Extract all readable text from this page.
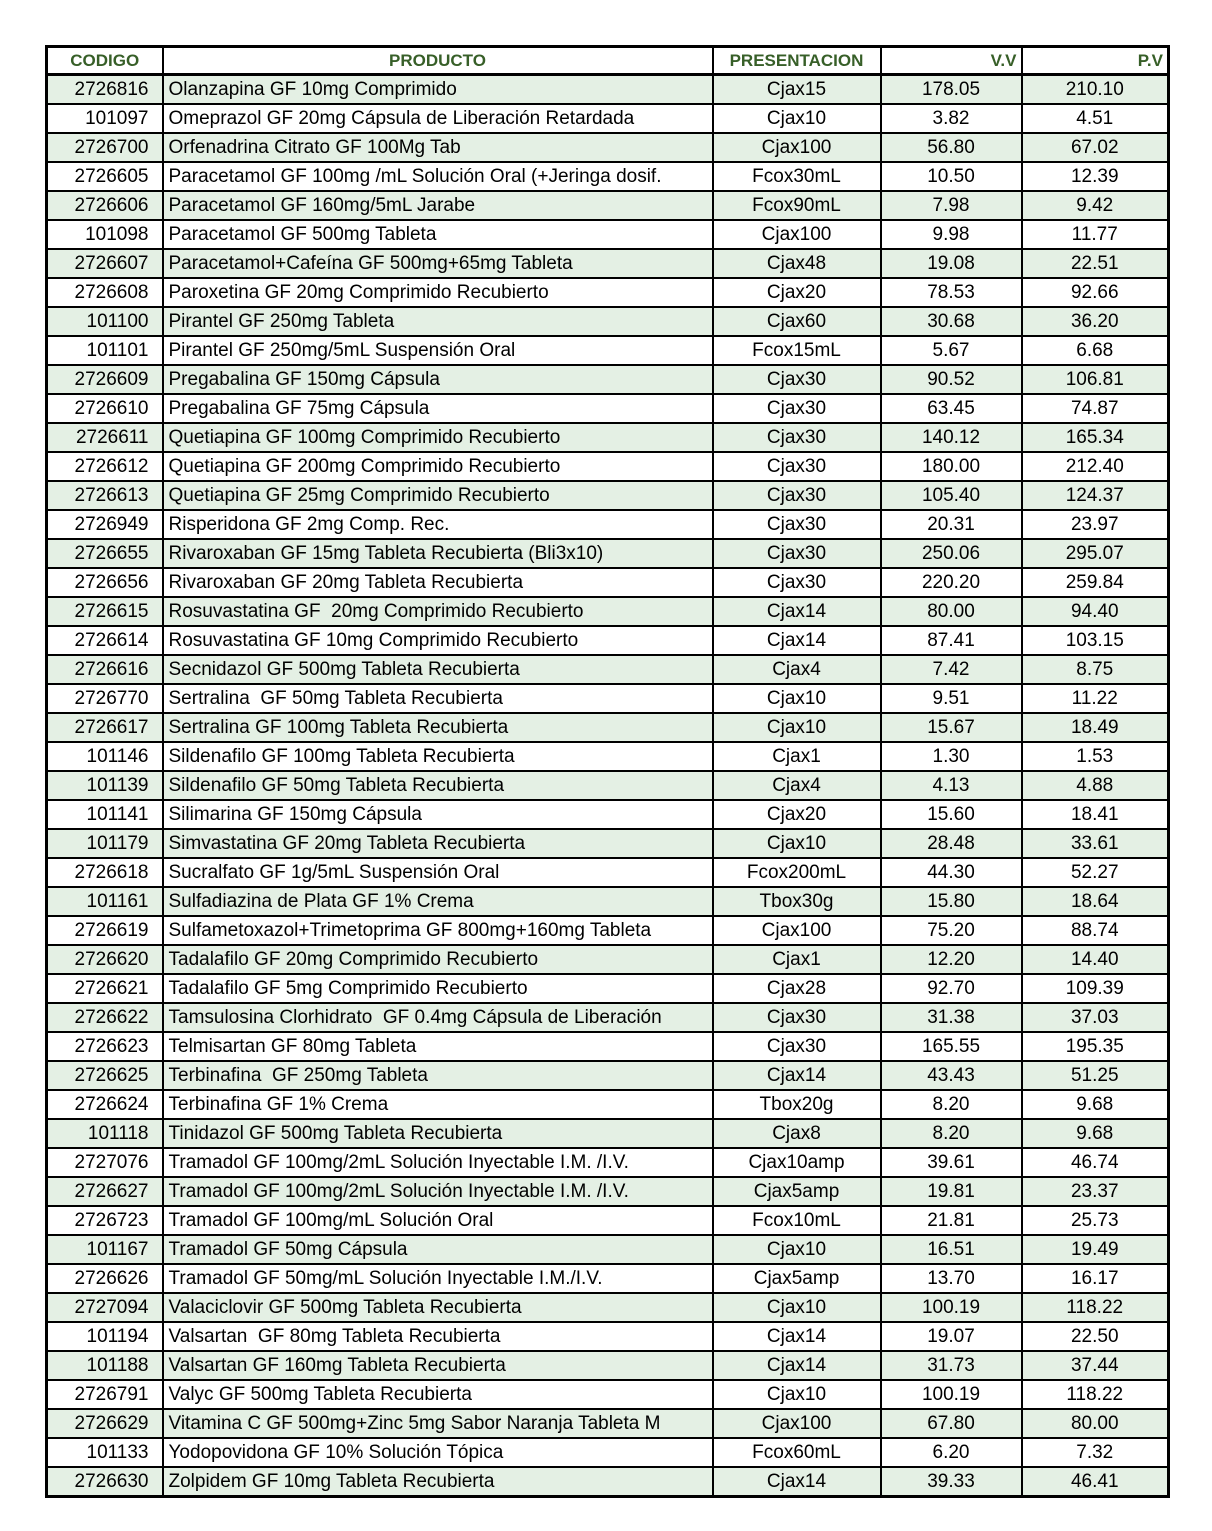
CODIGO	PRODUCTO	PRESENTACION	V.V	P.V
2726816	Olanzapina GF 10mg Comprimido	Cjax15	178.05	210.10
101097	Omeprazol GF 20mg Cápsula de Liberación Retardada	Cjax10	3.82	4.51
2726700	Orfenadrina Citrato GF 100Mg Tab	Cjax100	56.80	67.02
2726605	Paracetamol GF 100mg /mL Solución Oral (+Jeringa dosif.	Fcox30mL	10.50	12.39
2726606	Paracetamol GF 160mg/5mL Jarabe	Fcox90mL	7.98	9.42
101098	Paracetamol GF 500mg Tableta	Cjax100	9.98	11.77
2726607	Paracetamol+Cafeína GF 500mg+65mg Tableta	Cjax48	19.08	22.51
2726608	Paroxetina GF 20mg Comprimido Recubierto	Cjax20	78.53	92.66
101100	Pirantel GF 250mg Tableta	Cjax60	30.68	36.20
101101	Pirantel GF 250mg/5mL Suspensión Oral	Fcox15mL	5.67	6.68
2726609	Pregabalina GF 150mg Cápsula	Cjax30	90.52	106.81
2726610	Pregabalina GF 75mg Cápsula	Cjax30	63.45	74.87
2726611	Quetiapina GF 100mg Comprimido Recubierto	Cjax30	140.12	165.34
2726612	Quetiapina GF 200mg Comprimido Recubierto	Cjax30	180.00	212.40
2726613	Quetiapina GF 25mg Comprimido Recubierto	Cjax30	105.40	124.37
2726949	Risperidona GF 2mg Comp. Rec.	Cjax30	20.31	23.97
2726655	Rivaroxaban GF 15mg Tableta Recubierta (Bli3x10)	Cjax30	250.06	295.07
2726656	Rivaroxaban GF 20mg Tableta Recubierta	Cjax30	220.20	259.84
2726615	Rosuvastatina GF  20mg Comprimido Recubierto	Cjax14	80.00	94.40
2726614	Rosuvastatina GF 10mg Comprimido Recubierto	Cjax14	87.41	103.15
2726616	Secnidazol GF 500mg Tableta Recubierta	Cjax4	7.42	8.75
2726770	Sertralina  GF 50mg Tableta Recubierta	Cjax10	9.51	11.22
2726617	Sertralina GF 100mg Tableta Recubierta	Cjax10	15.67	18.49
101146	Sildenafilo GF 100mg Tableta Recubierta	Cjax1	1.30	1.53
101139	Sildenafilo GF 50mg Tableta Recubierta	Cjax4	4.13	4.88
101141	Silimarina GF 150mg Cápsula	Cjax20	15.60	18.41
101179	Simvastatina GF 20mg Tableta Recubierta	Cjax10	28.48	33.61
2726618	Sucralfato GF 1g/5mL Suspensión Oral	Fcox200mL	44.30	52.27
101161	Sulfadiazina de Plata GF 1% Crema	Tbox30g	15.80	18.64
2726619	Sulfametoxazol+Trimetoprima GF 800mg+160mg Tableta	Cjax100	75.20	88.74
2726620	Tadalafilo GF 20mg Comprimido Recubierto	Cjax1	12.20	14.40
2726621	Tadalafilo GF 5mg Comprimido Recubierto	Cjax28	92.70	109.39
2726622	Tamsulosina Clorhidrato  GF 0.4mg Cápsula de Liberación	Cjax30	31.38	37.03
2726623	Telmisartan GF 80mg Tableta	Cjax30	165.55	195.35
2726625	Terbinafina  GF 250mg Tableta	Cjax14	43.43	51.25
2726624	Terbinafina GF 1% Crema	Tbox20g	8.20	9.68
101118	Tinidazol GF 500mg Tableta Recubierta	Cjax8	8.20	9.68
2727076	Tramadol GF 100mg/2mL Solución Inyectable I.M. /I.V.	Cjax10amp	39.61	46.74
2726627	Tramadol GF 100mg/2mL Solución Inyectable I.M. /I.V.	Cjax5amp	19.81	23.37
2726723	Tramadol GF 100mg/mL Solución Oral	Fcox10mL	21.81	25.73
101167	Tramadol GF 50mg Cápsula	Cjax10	16.51	19.49
2726626	Tramadol GF 50mg/mL Solución Inyectable I.M./I.V.	Cjax5amp	13.70	16.17
2727094	Valaciclovir GF 500mg Tableta Recubierta	Cjax10	100.19	118.22
101194	Valsartan  GF 80mg Tableta Recubierta	Cjax14	19.07	22.50
101188	Valsartan GF 160mg Tableta Recubierta	Cjax14	31.73	37.44
2726791	Valyc GF 500mg Tableta Recubierta	Cjax10	100.19	118.22
2726629	Vitamina C GF 500mg+Zinc 5mg Sabor Naranja Tableta M	Cjax100	67.80	80.00
101133	Yodopovidona GF 10% Solución Tópica	Fcox60mL	6.20	7.32
2726630	Zolpidem GF 10mg Tableta Recubierta	Cjax14	39.33	46.41
